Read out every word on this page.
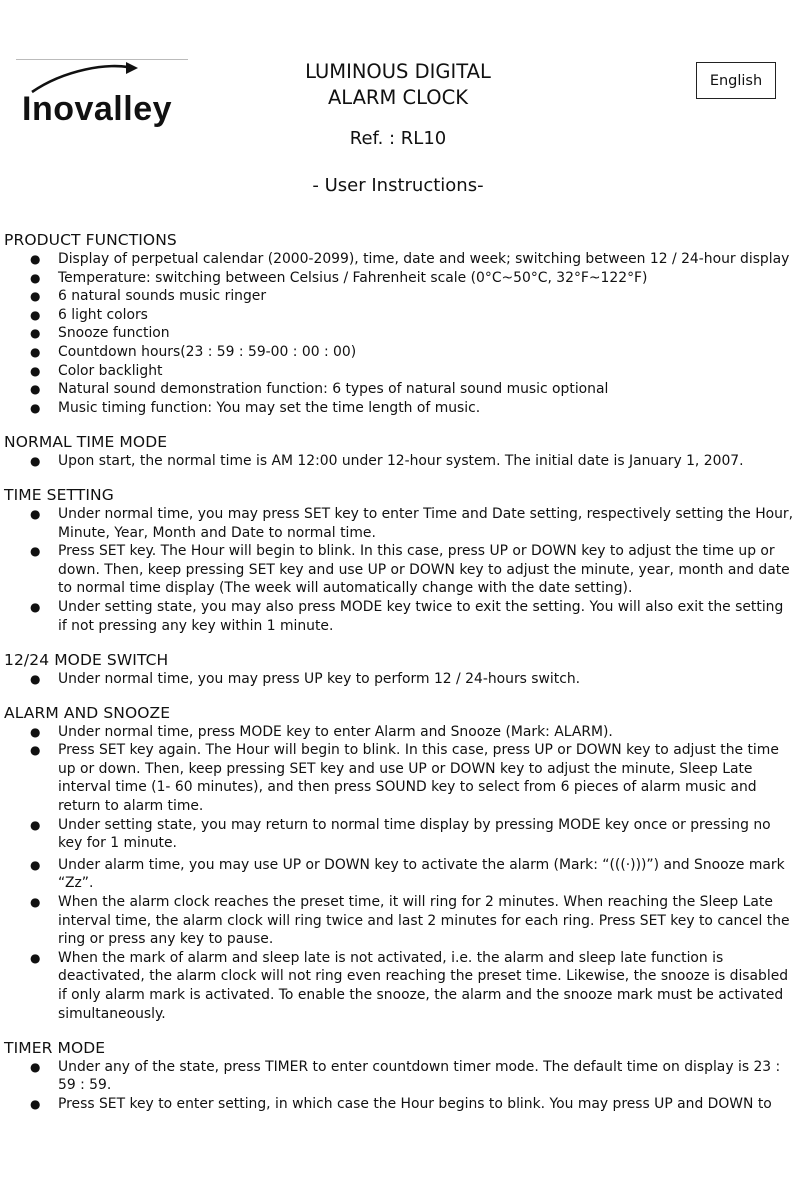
Inovalley
LUMINOUS DIGITAL
ALARM CLOCK
Ref. : RL10
- User Instructions-
English
PRODUCT FUNCTIONS
● Display of perpetual calendar (2000-2099), time, date and week; switching between 12 / 24-hour display
● Temperature: switching between Celsius / Fahrenheit scale (0°C~50°C, 32°F~122°F)
● 6 natural sounds music ringer
● 6 light colors
● Snooze function
● Countdown hours(23 : 59 : 59-00 : 00 : 00)
● Color backlight
● Natural sound demonstration function: 6 types of natural sound music optional
● Music timing function: You may set the time length of music.
NORMAL TIME MODE
● Upon start, the normal time is AM 12:00 under 12-hour system. The initial date is January 1, 2007.
TIME SETTING
● Under normal time, you may press SET key to enter Time and Date setting, respectively setting the Hour, Minute, Year, Month and Date to normal time.
● Press SET key. The Hour will begin to blink. In this case, press UP or DOWN key to adjust the time up or down. Then, keep pressing SET key and use UP or DOWN key to adjust the minute, year, month and date to normal time display (The week will automatically change with the date setting).
● Under setting state, you may also press MODE key twice to exit the setting. You will also exit the setting if not pressing any key within 1 minute.
12/24 MODE SWITCH
● Under normal time, you may press UP key to perform 12 / 24-hours switch.
ALARM AND SNOOZE
● Under normal time, press MODE key to enter Alarm and Snooze (Mark: ALARM).
● Press SET key again. The Hour will begin to blink. In this case, press UP or DOWN key to adjust the time up or down. Then, keep pressing SET key and use UP or DOWN key to adjust the minute, Sleep Late interval time (1- 60 minutes), and then press SOUND key to select from 6 pieces of alarm music and return to alarm time.
● Under setting state, you may return to normal time display by pressing MODE key once or pressing no key for 1 minute.
● Under alarm time, you may use UP or DOWN key to activate the alarm (Mark: “(((·)))”) and Snooze mark “Zz”.
● When the alarm clock reaches the preset time, it will ring for 2 minutes. When reaching the Sleep Late interval time, the alarm clock will ring twice and last 2 minutes for each ring. Press SET key to cancel the ring or press any key to pause.
● When the mark of alarm and sleep late is not activated, i.e. the alarm and sleep late function is deactivated, the alarm clock will not ring even reaching the preset time. Likewise, the snooze is disabled if only alarm mark is activated. To enable the snooze, the alarm and the snooze mark must be activated simultaneously.
TIMER MODE
● Under any of the state, press TIMER to enter countdown timer mode. The default time on display is 23 : 59 : 59.
● Press SET key to enter setting, in which case the Hour begins to blink. You may press UP and DOWN to
